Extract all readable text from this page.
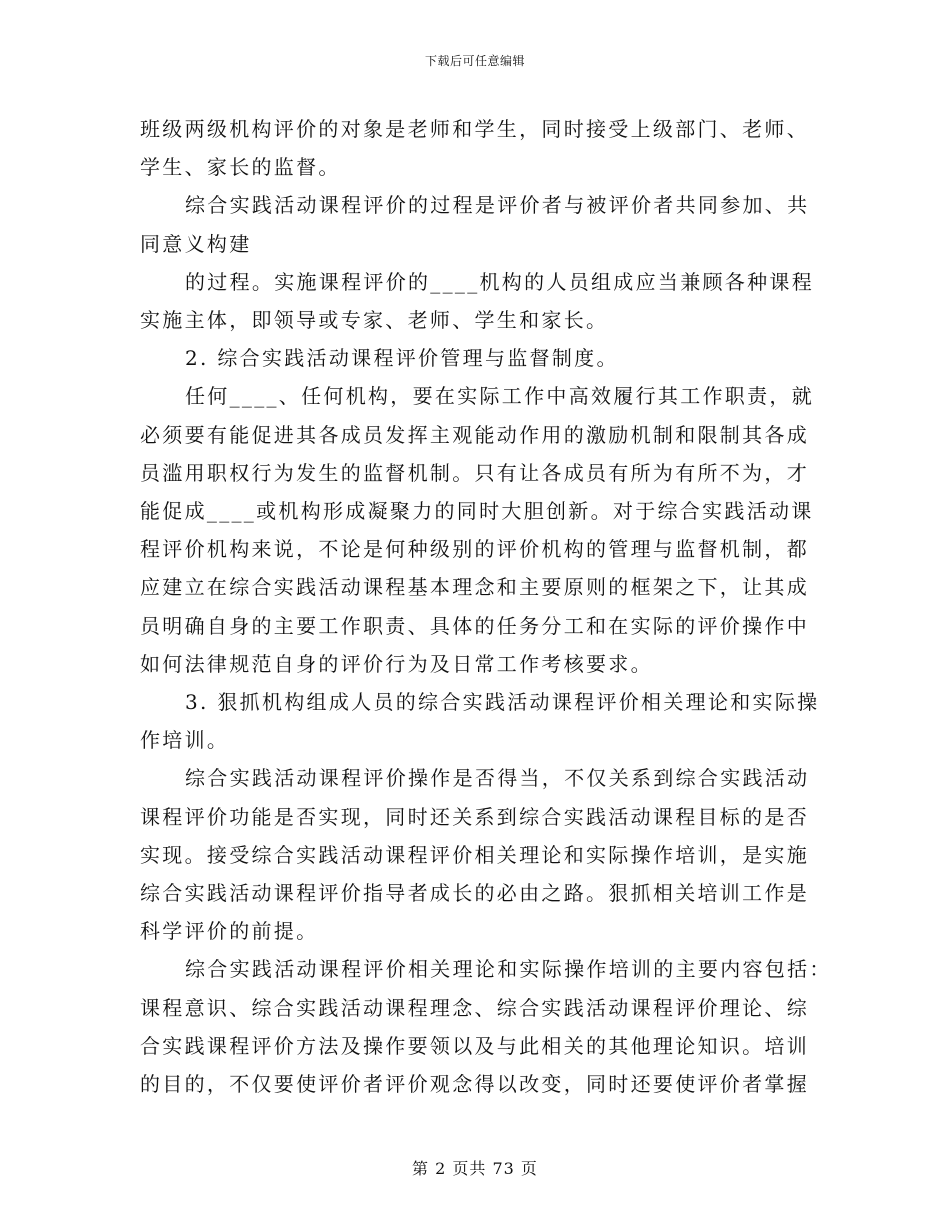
下载后可任意编辑

班级两级机构评价的对象是老师和学生，同时接受上级部门、老师、

学生、家长的监督。

综合实践活动课程评价的过程是评价者与被评价者共同参加、共

同意义构建

的过程。实施课程评价的____机构的人员组成应当兼顾各种课程

实施主体，即领导或专家、老师、学生和家长。

2. 综合实践活动课程评价管理与监督制度。

任何____、任何机构，要在实际工作中高效履行其工作职责，就

必须要有能促进其各成员发挥主观能动作用的激励机制和限制其各成

员滥用职权行为发生的监督机制。只有让各成员有所为有所不为，才

能促成____或机构形成凝聚力的同时大胆创新。对于综合实践活动课

程评价机构来说，不论是何种级别的评价机构的管理与监督机制，都

应建立在综合实践活动课程基本理念和主要原则的框架之下，让其成

员明确自身的主要工作职责、具体的任务分工和在实际的评价操作中

如何法律规范自身的评价行为及日常工作考核要求。

3. 狠抓机构组成人员的综合实践活动课程评价相关理论和实际操

作培训。

综合实践活动课程评价操作是否得当，不仅关系到综合实践活动

课程评价功能是否实现，同时还关系到综合实践活动课程目标的是否

实现。接受综合实践活动课程评价相关理论和实际操作培训，是实施

综合实践活动课程评价指导者成长的必由之路。狠抓相关培训工作是

科学评价的前提。

综合实践活动课程评价相关理论和实际操作培训的主要内容包括：

课程意识、综合实践活动课程理念、综合实践活动课程评价理论、综

合实践课程评价方法及操作要领以及与此相关的其他理论知识。培训

的目的，不仅要使评价者评价观念得以改变，同时还要使评价者掌握

第 2 页共 73 页
